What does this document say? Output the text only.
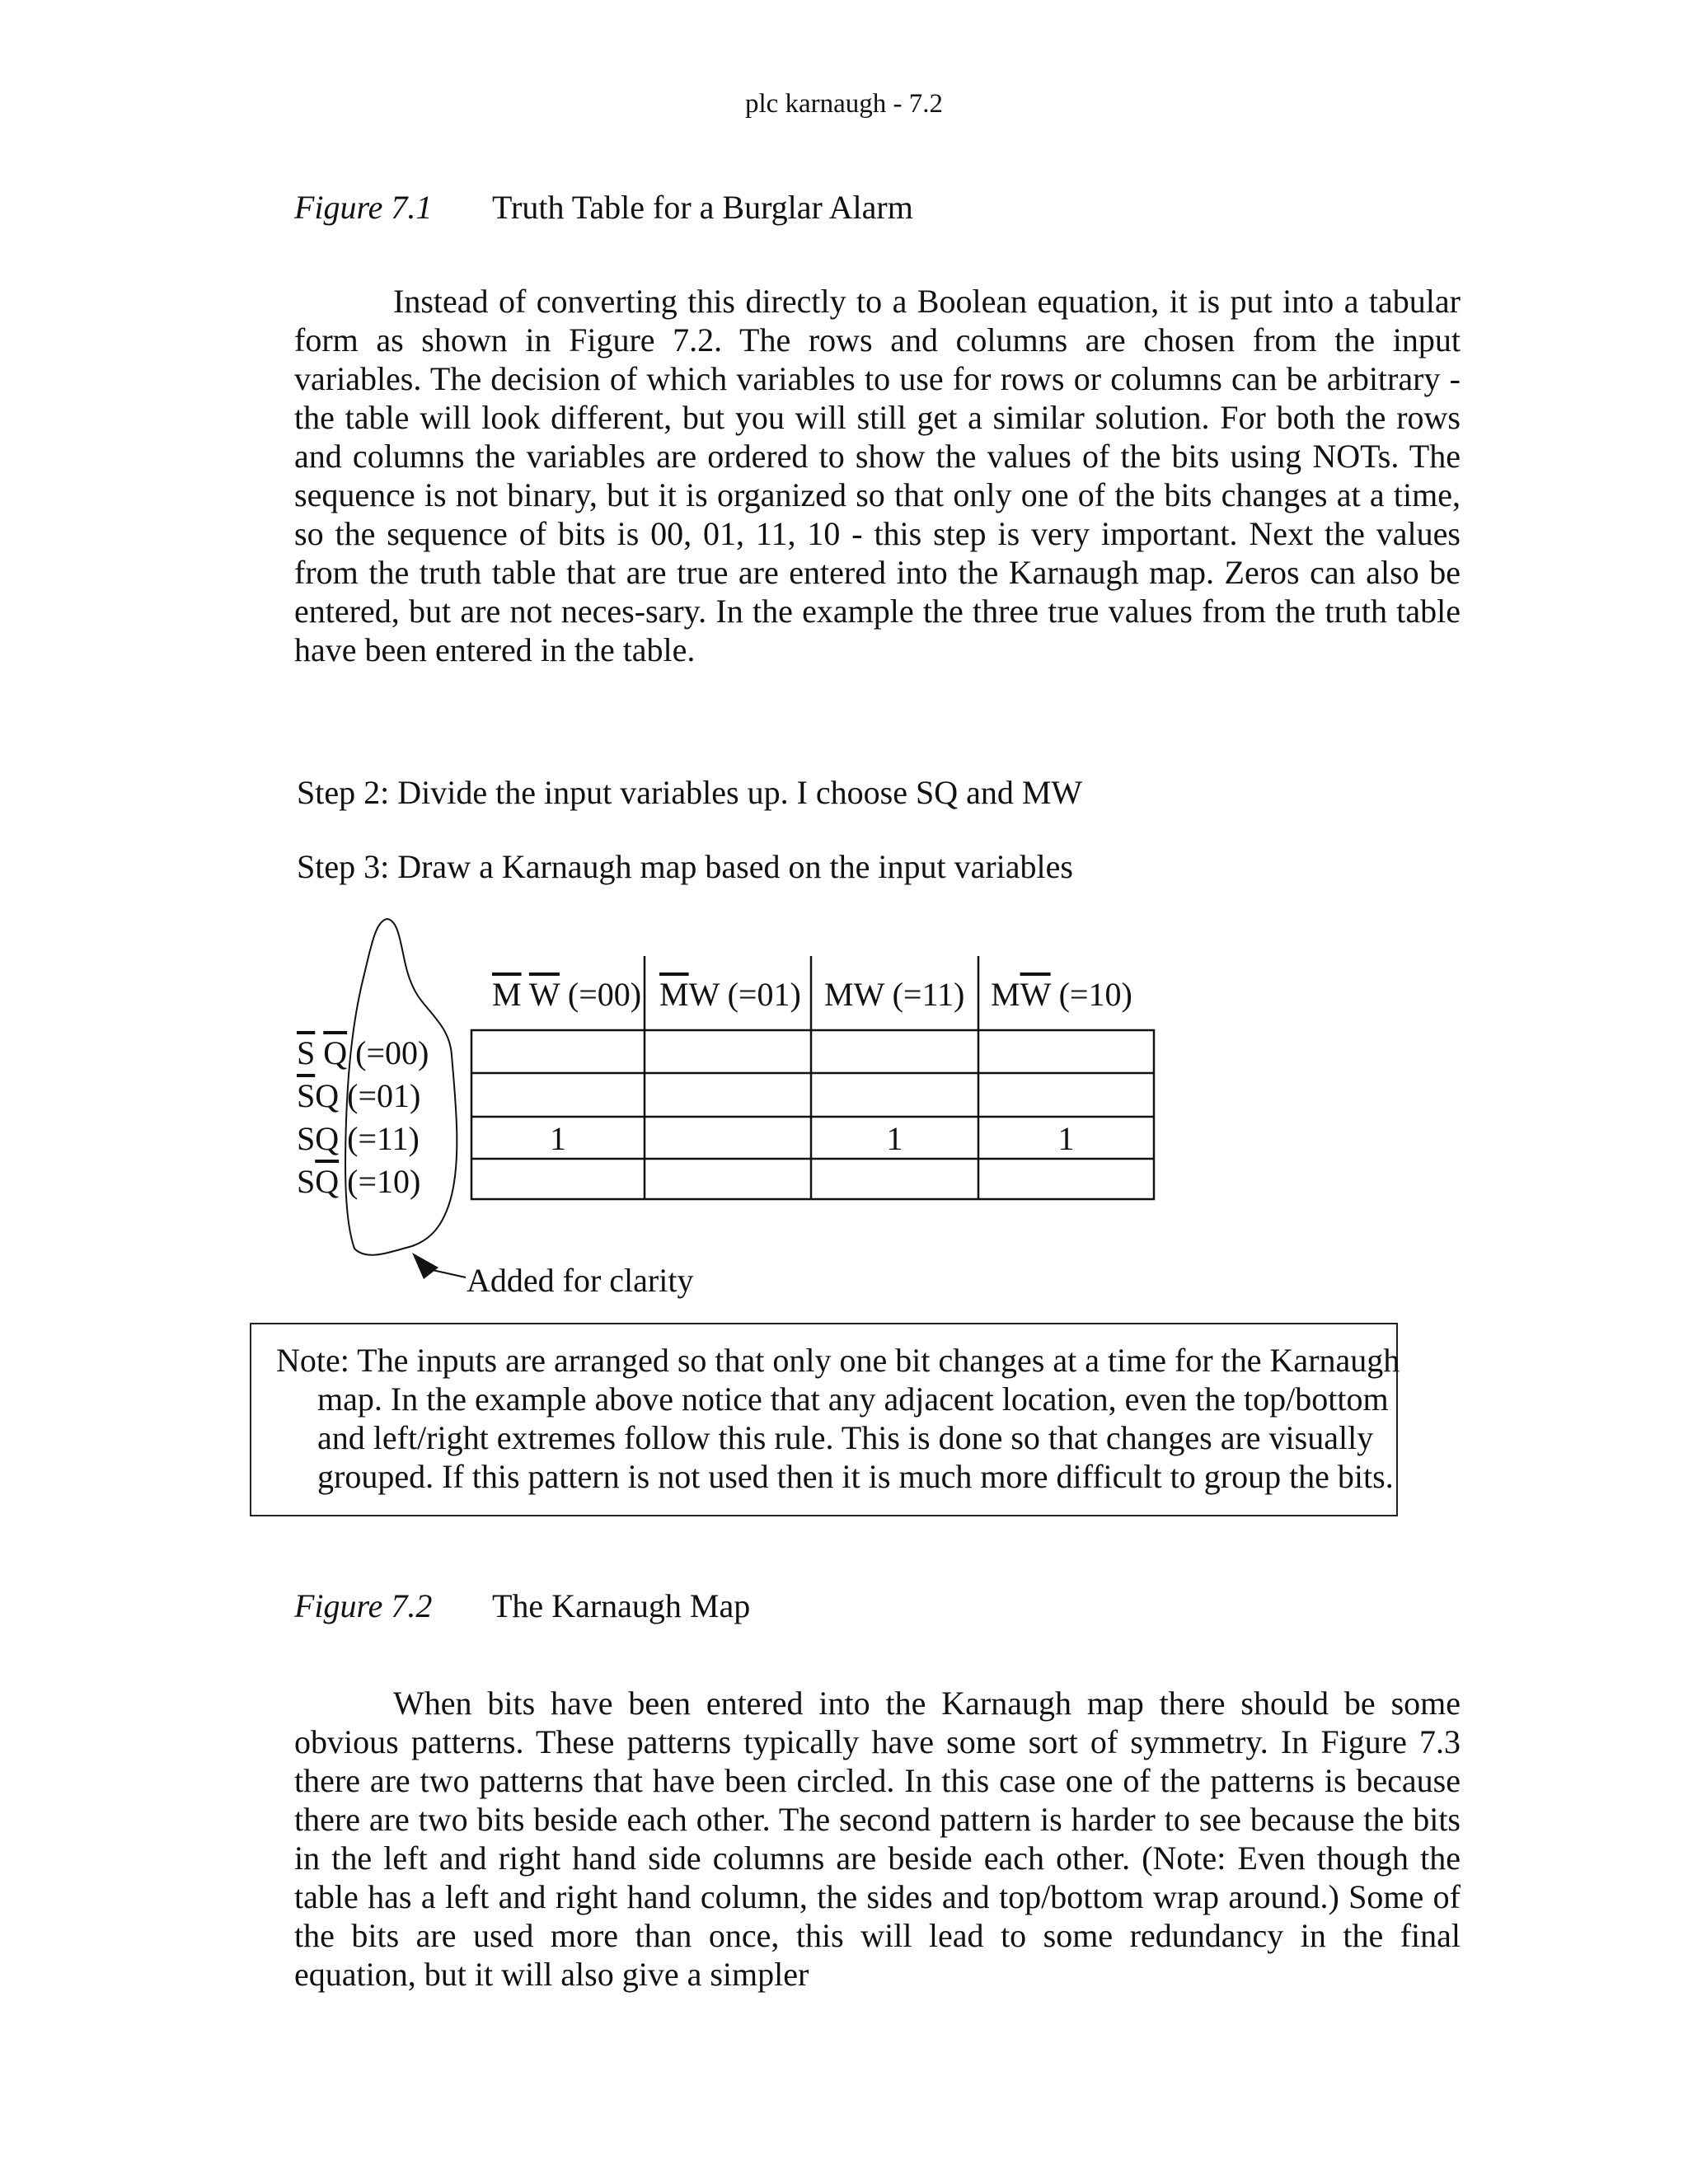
plc karnaugh - 7.2
Figure 7.1 Truth Table for a Burglar Alarm

Instead of converting this directly to a Boolean equation, it is put into a tabular form as shown in Figure 7.2. The rows and columns are chosen from the input variables. The decision of which variables to use for rows or columns can be arbitrary - the table will look different, but you will still get a similar solution. For both the rows and columns the variables are ordered to show the values of the bits using NOTs. The sequence is not binary, but it is organized so that only one of the bits changes at a time, so the sequence of bits is 00, 01, 11, 10 - this step is very important. Next the values from the truth table that are true are entered into the Karnaugh map. Zeros can also be entered, but are not neces-sary. In the example the three true values from the truth table have been entered in the table.

Step 2: Divide the input variables up. I choose SQ and MW
Step 3: Draw a Karnaugh map based on the input variables
$\overline{M}$ $\overline{W}$ (=00) $\overline{M}W$ (=01) MW (=11) $M\overline{W}$ (=10)
$\overline{S}$ $\overline{Q}$ (=00)
$\overline{S}Q$ (=01)
SQ (=11)
$S\overline{Q}$ (=10)
1	1	1
Added for clarity
Note: The inputs are arranged so that only one bit changes at a time for the Karnaugh map. In the example above notice that any adjacent location, even the top/bottom and left/right extremes follow this rule. This is done so that changes are visually grouped. If this pattern is not used then it is much more difficult to group the bits.
Figure 7.2 The Karnaugh Map

When bits have been entered into the Karnaugh map there should be some obvious patterns. These patterns typically have some sort of symmetry. In Figure 7.3 there are two patterns that have been circled. In this case one of the patterns is because there are two bits beside each other. The second pattern is harder to see because the bits in the left and right hand side columns are beside each other. (Note: Even though the table has a left and right hand column, the sides and top/bottom wrap around.) Some of the bits are used more than once, this will lead to some redundancy in the final equation, but it will also give a simpler
